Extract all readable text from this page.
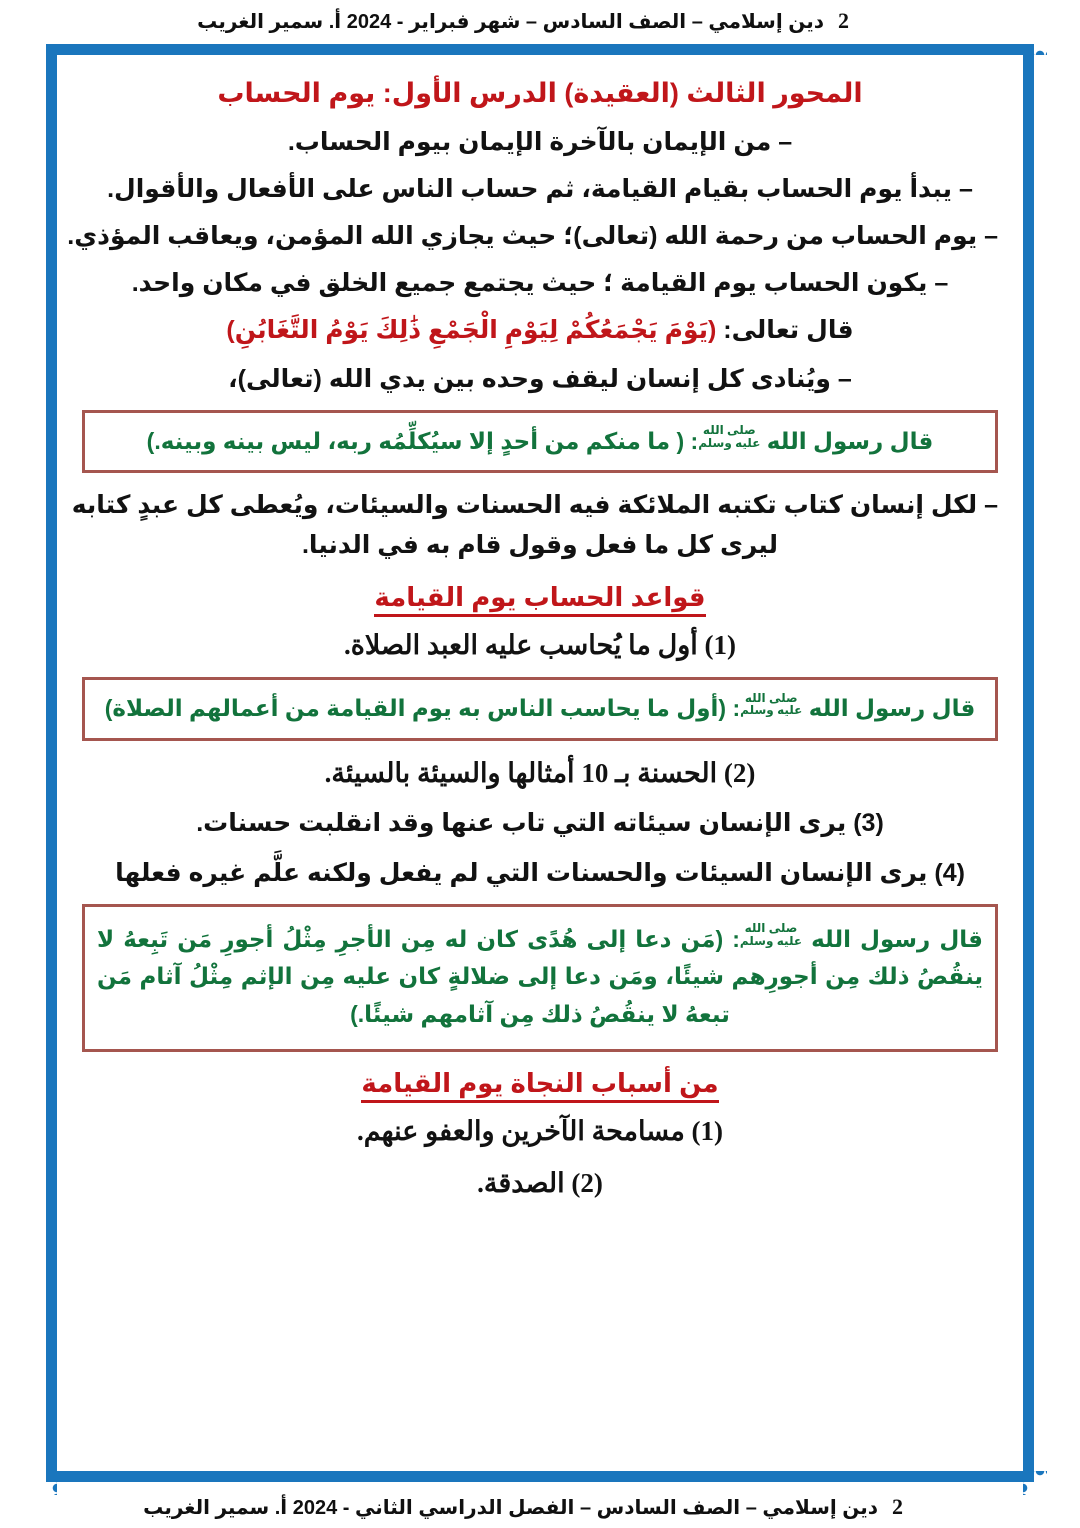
2
دين إسلامي – الصف السادس – شهر فبراير - 2024 أ. سمير الغريب
المحور الثالث (العقيدة) الدرس الأول: يوم الحساب
– من الإيمان بالآخرة الإيمان بيوم الحساب.
– يبدأ يوم الحساب بقيام القيامة، ثم حساب الناس على الأفعال والأقوال.
– يوم الحساب من رحمة الله (تعالى)؛ حيث يجازي الله المؤمن، ويعاقب المؤذي.
– يكون الحساب يوم القيامة ؛ حيث يجتمع جميع الخلق في مكان واحد.
قال تعالى: (يَوْمَ يَجْمَعُكُمْ لِيَوْمِ الْجَمْعِ ذَٰلِكَ يَوْمُ التَّغَابُنِ)
– ويُنادى كل إنسان ليقف وحده بين يدي الله (تعالى)،
قال رسول الله
صلى الله
عليه وسلم
: ( ما منكم من أحدٍ إلا سيُكلِّمُه ربه، ليس بينه وبينه.)
– لكل إنسان كتاب تكتبه الملائكة فيه الحسنات والسيئات، ويُعطى كل عبدٍ كتابه
ليرى كل ما فعل وقول قام به في الدنيا.
قواعد الحساب يوم القيامة
(1) أول ما يُحاسب عليه العبد الصلاة.
قال رسول الله
صلى الله
عليه وسلم
: (أول ما يحاسب الناس به يوم القيامة من أعمالهم الصلاة)
(2) الحسنة بـ 10 أمثالها والسيئة بالسيئة.
(3) يرى الإنسان سيئاته التي تاب عنها وقد انقلبت حسنات.
(4) يرى الإنسان السيئات والحسنات التي لم يفعل ولكنه علَّم غيره فعلها
قال رسول الله
صلى الله
عليه وسلم
: (مَن دعا إلى هُدًى كان له مِن الأجرِ مِثْلُ أجورِ مَن تَبِعهُ لا ينقُصُ ذلك مِن أجورِهم شيئًا، ومَن دعا إلى ضلالةٍ كان عليه مِن الإثم مِثْلُ آثام مَن تبعهُ لا ينقُصُ ذلك مِن آثامهم شيئًا.)
من أسباب النجاة يوم القيامة
(1) مسامحة الآخرين والعفو عنهم.
(2) الصدقة.
2
دين إسلامي – الصف السادس – الفصل الدراسي الثاني - 2024 أ. سمير الغريب
